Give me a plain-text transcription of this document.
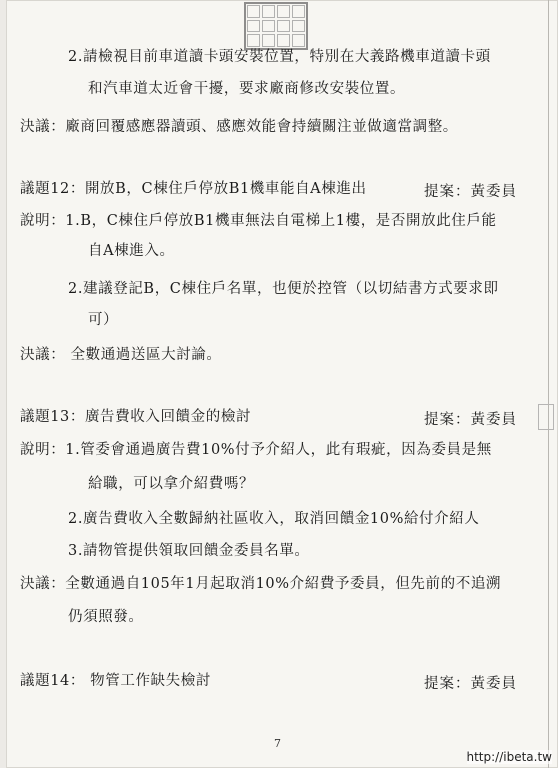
2.請檢視目前車道讀卡頭安裝位置，特別在大義路機車道讀卡頭
和汽車道太近會干擾，要求廠商修改安裝位置。
決議：廠商回覆感應器讀頭、感應效能會持續關注並做適當調整。
議題12：開放B，C棟住戶停放B1機車能自A棟進出	提案：黃委員
說明：1.B，C棟住戶停放B1機車無法自電梯上1樓，是否開放此住戶能
自A棟進入。
2.建議登記B，C棟住戶名單，也便於控管（以切結書方式要求即
可）
決議： 全數通過送區大討論。
議題13：廣告費收入回饋金的檢討	提案：黃委員
說明：1.管委會通過廣告費10%付予介紹人，此有瑕疵，因為委員是無
給職，可以拿介紹費嗎？
2.廣告費收入全數歸納社區收入，取消回饋金10%給付介紹人
3.請物管提供領取回饋金委員名單。
決議：全數通過自105年1月起取消10%介紹費予委員，但先前的不追溯
仍須照發。
議題14： 物管工作缺失檢討	提案：黃委員
7
http://ibeta.tw
